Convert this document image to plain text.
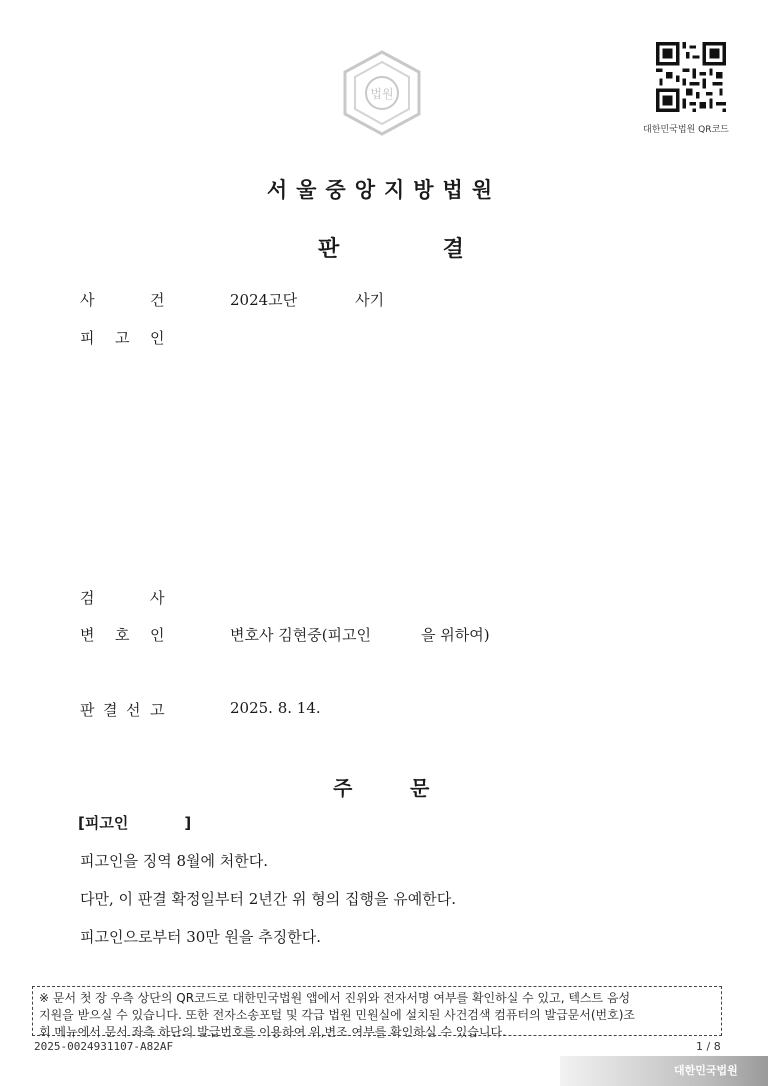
법원
대한민국법원 QR코드
서울중앙지방법원
판	결
사	건	2024고단	사기
피 고 인
검	사
변 호 인	변호사 김현중(피고인	을 위하여)
판 결 선 고	2025. 8. 14.
주	문
[피고인	]
피고인을 징역 8월에 처한다.
다만, 이 판결 확정일부터 2년간 위 형의 집행을 유예한다.
피고인으로부터 30만 원을 추징한다.
※ 문서 첫 장 우측 상단의 QR코드로 대한민국법원 앱에서 진위와 전자서명 여부를 확인하실 수 있고, 텍스트 음성
지원을 받으실 수 있습니다. 또한 전자소송포털 및 각급 법원 민원실에 설치된 사건검색 컴퓨터의 발급문서(번호)조
회 메뉴에서 문서 좌측 하단의 발급번호를 이용하여 위,변조 여부를 확인하실 수 있습니다.
2025-0024931107-A82AF	1 / 8
대한민국법원
